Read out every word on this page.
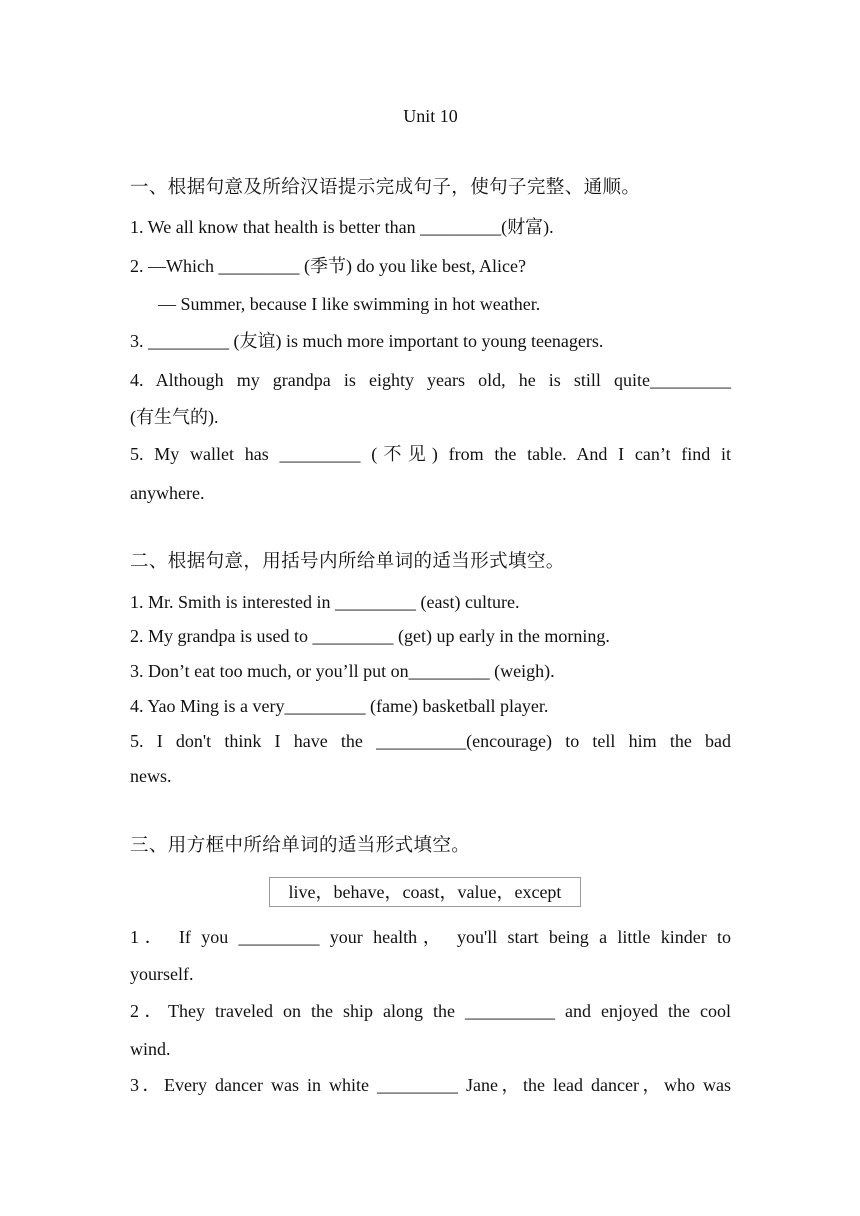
Unit 10
一、根据句意及所给汉语提示完成句子，使句子完整、通顺。
1. We all know that health is better than _________(财富).
2. —Which _________ (季节) do you like best, Alice?
— Summer, because I like swimming in hot weather.
3. _________ (友谊) is much more important to young teenagers.
4. Although my grandpa is eighty years old, he is still quite_________
(有生气的).
5. My wallet has _________ (不见) from the table. And I can’t find it
anywhere.
二、根据句意，用括号内所给单词的适当形式填空。
1. Mr. Smith is interested in _________ (east) culture.
2. My grandpa is used to _________ (get) up early in the morning.
3. Don’t eat too much, or you’ll put on_________ (weigh).
4. Yao Ming is a very_________ (fame) basketball player.
5. I don't think I have the __________(encourage) to tell him the bad
news.
三、用方框中所给单词的适当形式填空。
live，behave，coast，value，except
1． If you _________ your health， you'll start being a little kinder to
yourself.
2．They traveled on the ship along the __________ and enjoyed the cool
wind.
3．Every dancer was in white _________ Jane，the lead dancer，who was
